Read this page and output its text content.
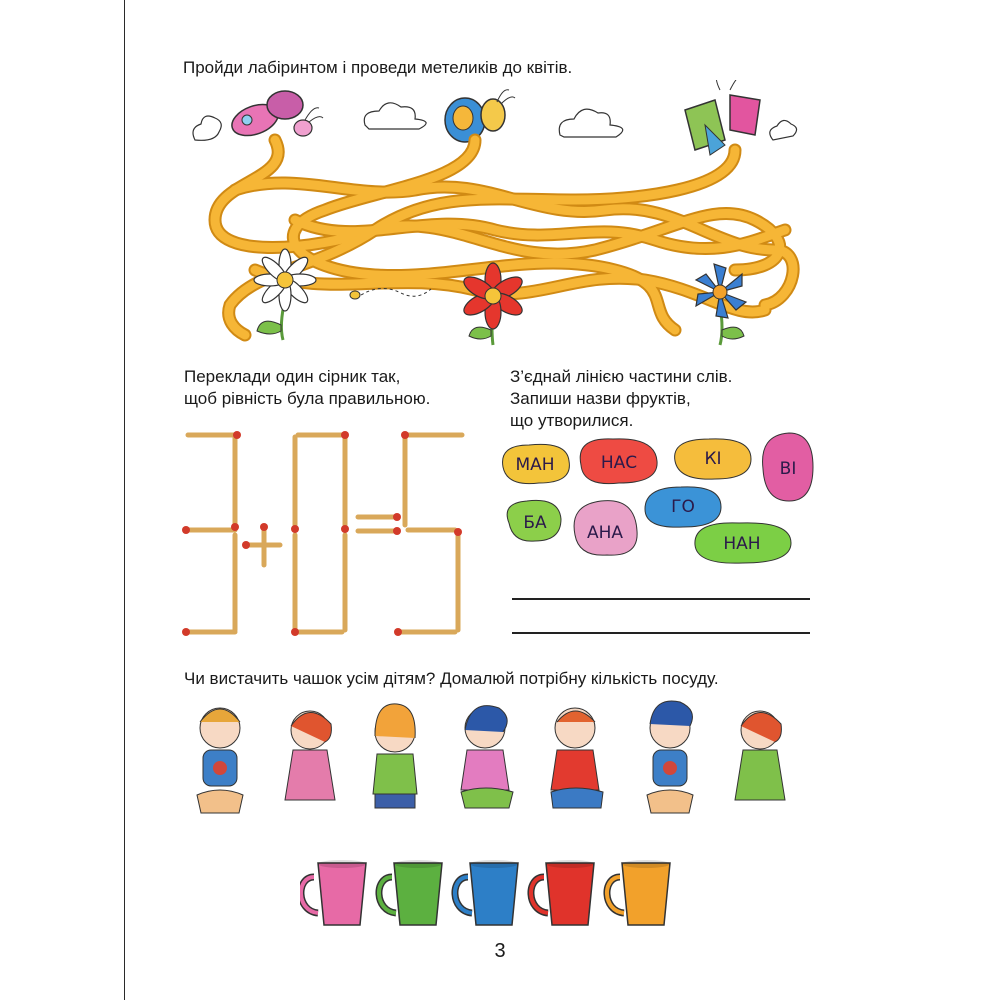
Пройди лабіринтом і проведи метеликів до квітів.
Переклади один сірник так,
щоб рівність була правильною.
З’єднай лінією частини слів.
Запиши назви фруктів,
що утворилися.
МАН	НАС	КІ	ВІ
БА АНА
ГО
НАН
Чи вистачить чашок усім дітям? Домалюй потрібну кількість посуду.
3
